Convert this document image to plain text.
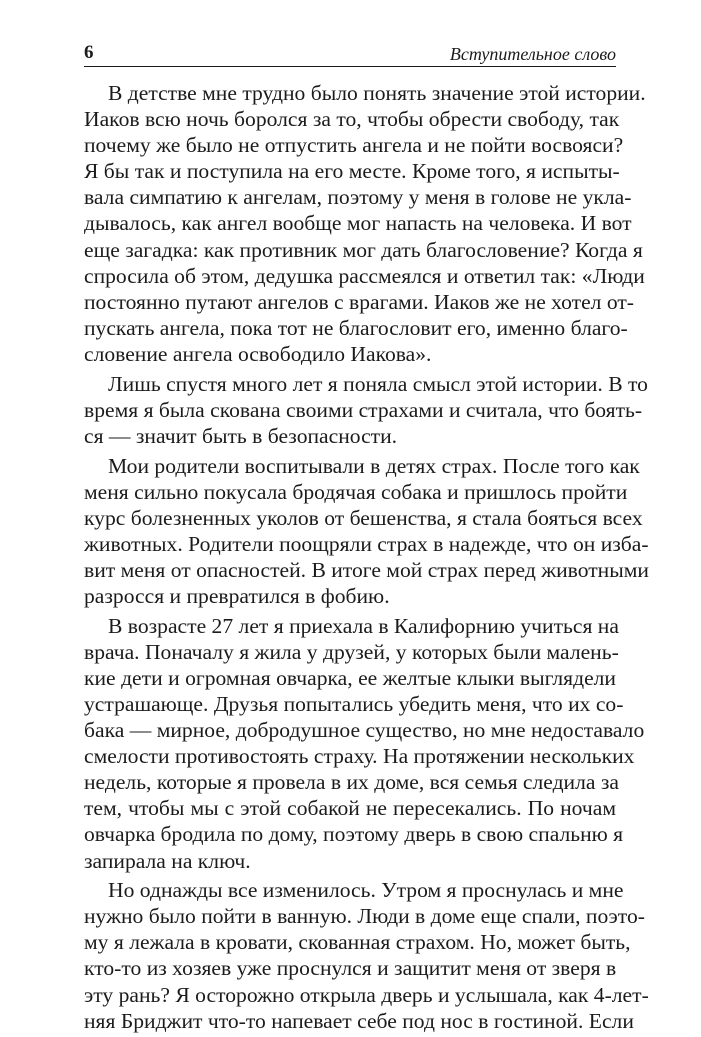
6	Вступительное слово
В детстве мне трудно было понять значение этой истории.
Иаков всю ночь боролся за то, чтобы обрести свободу, так
почему же было не отпустить ангела и не пойти восвояси?
Я бы так и поступила на его месте. Кроме того, я испыты-
вала симпатию к ангелам, поэтому у меня в голове не укла-
дывалось, как ангел вообще мог напасть на человека. И вот
еще загадка: как противник мог дать благословение? Когда я
спросила об этом, дедушка рассмеялся и ответил так: «Люди
постоянно путают ангелов с врагами. Иаков же не хотел от-
пускать ангела, пока тот не благословит его, именно благо-
словение ангела освободило Иакова».
Лишь спустя много лет я поняла смысл этой истории. В то
время я была скована своими страхами и считала, что боять-
ся — значит быть в безопасности.
Мои родители воспитывали в детях страх. После того как
меня сильно покусала бродячая собака и пришлось пройти
курс болезненных уколов от бешенства, я стала бояться всех
животных. Родители поощряли страх в надежде, что он изба-
вит меня от опасностей. В итоге мой страх перед животными
разросся и превратился в фобию.
В возрасте 27 лет я приехала в Калифорнию учиться на
врача. Поначалу я жила у друзей, у которых были малень-
кие дети и огромная овчарка, ее желтые клыки выглядели
устрашающе. Друзья попытались убедить меня, что их со-
бака — мирное, добродушное существо, но мне недоставало
смелости противостоять страху. На протяжении нескольких
недель, которые я провела в их доме, вся семья следила за
тем, чтобы мы с этой собакой не пересекались. По ночам
овчарка бродила по дому, поэтому дверь в свою спальню я
запирала на ключ.
Но однажды все изменилось. Утром я проснулась и мне
нужно было пойти в ванную. Люди в доме еще спали, поэто-
му я лежала в кровати, скованная страхом. Но, может быть,
кто-то из хозяев уже проснулся и защитит меня от зверя в
эту рань? Я осторожно открыла дверь и услышала, как 4-лет-
няя Бриджит что-то напевает себе под нос в гостиной. Если
